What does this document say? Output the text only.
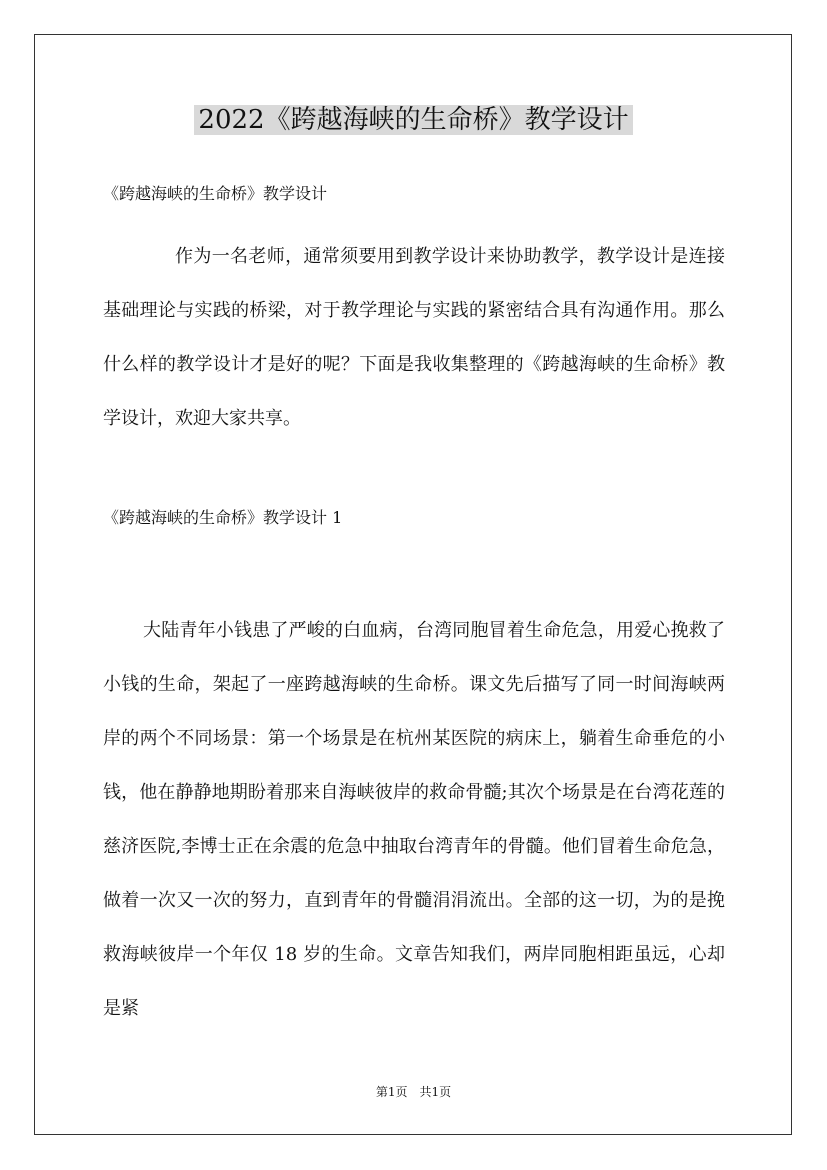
2022《跨越海峡的生命桥》教学设计
《跨越海峡的生命桥》教学设计
作为一名老师，通常须要用到教学设计来协助教学，教学设计是连接基础理论与实践的桥梁，对于教学理论与实践的紧密结合具有沟通作用。那么什么样的教学设计才是好的呢？下面是我收集整理的《跨越海峡的生命桥》教学设计，欢迎大家共享。
《跨越海峡的生命桥》教学设计 1
大陆青年小钱患了严峻的白血病，台湾同胞冒着生命危急，用爱心挽救了小钱的生命，架起了一座跨越海峡的生命桥。课文先后描写了同一时间海峡两岸的两个不同场景：第一个场景是在杭州某医院的病床上，躺着生命垂危的小钱，他在静静地期盼着那来自海峡彼岸的救命骨髓;其次个场景是在台湾花莲的慈济医院,李博士正在余震的危急中抽取台湾青年的骨髓。他们冒着生命危急，做着一次又一次的努力，直到青年的骨髓涓涓流出。全部的这一切，为的是挽救海峡彼岸一个年仅 18 岁的生命。文章告知我们，两岸同胞相距虽远，心却是紧
第1页　共1页
